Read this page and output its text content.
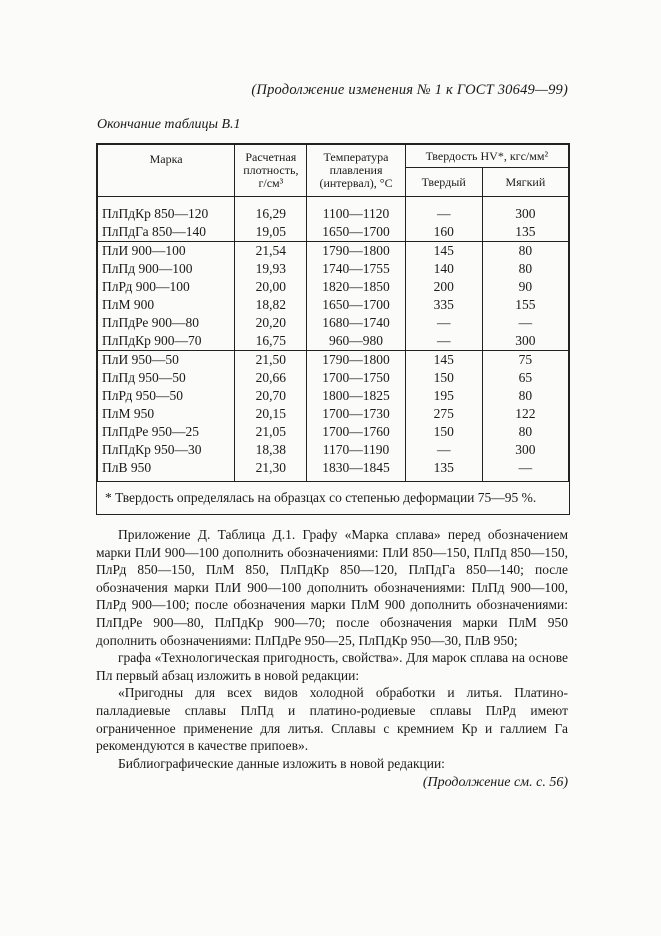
(Продолжение изменения № 1 к ГОСТ 30649—99)
Окончание таблицы В.1
Марка	Расчетная плотность, г/см³	Температура плавления (интервал), °С	Твердость HV*, кгс/мм²	
			Твердый	Мягкий

ПлПдКр 850—120	16,29	1100—1120	—	300
ПлПдГа 850—140	19,05	1650—1700	160	135
ПлИ 900—100	21,54	1790—1800	145	80
ПлПд 900—100	19,93	1740—1755	140	80
ПлРд 900—100	20,00	1820—1850	200	90
ПлМ 900	18,82	1650—1700	335	155
ПлПдРе 900—80	20,20	1680—1740	—	—
ПлПдКр 900—70	16,75	960—980	—	300
ПлИ 950—50	21,50	1790—1800	145	75
ПлПд 950—50	20,66	1700—1750	150	65
ПлРд 950—50	20,70	1800—1825	195	80
ПлМ 950	20,15	1700—1730	275	122
ПлПдРе 950—25	21,05	1700—1760	150	80
ПлПдКр 950—30	18,38	1170—1190	—	300
ПлВ 950	21,30	1830—1845	135	—
* Твердость определялась на образцах со степенью деформации 75—95 %.

Приложение Д. Таблица Д.1. Графу «Марка сплава» перед обозначением марки ПлИ 900—100 дополнить обозначениями: ПлИ 850—150, ПлПд 850—150, ПлРд 850—150, ПлМ 850, ПлПдКр 850—120, ПлПдГа 850—140; после обозначения марки ПлИ 900—100 дополнить обозначениями: ПлПд 900—100, ПлРд 900—100; после обозначения марки ПлМ 900 дополнить обозначениями: ПлПдРе 900—80, ПлПдКр 900—70; после обозначения марки ПлМ 950 дополнить обозначениями: ПлПдРе 950—25, ПлПдКр 950—30, ПлВ 950;

графа «Технологическая пригодность, свойства». Для марок сплава на основе Пл первый абзац изложить в новой редакции:

«Пригодны для всех видов холодной обработки и литья. Платино-палладиевые сплавы ПлПд и платино-родиевые сплавы ПлРд имеют ограниченное применение для литья. Сплавы с кремнием Кр и галлием Га рекомендуются в качестве припоев».

Библиографические данные изложить в новой редакции:

(Продолжение см. с. 56)
